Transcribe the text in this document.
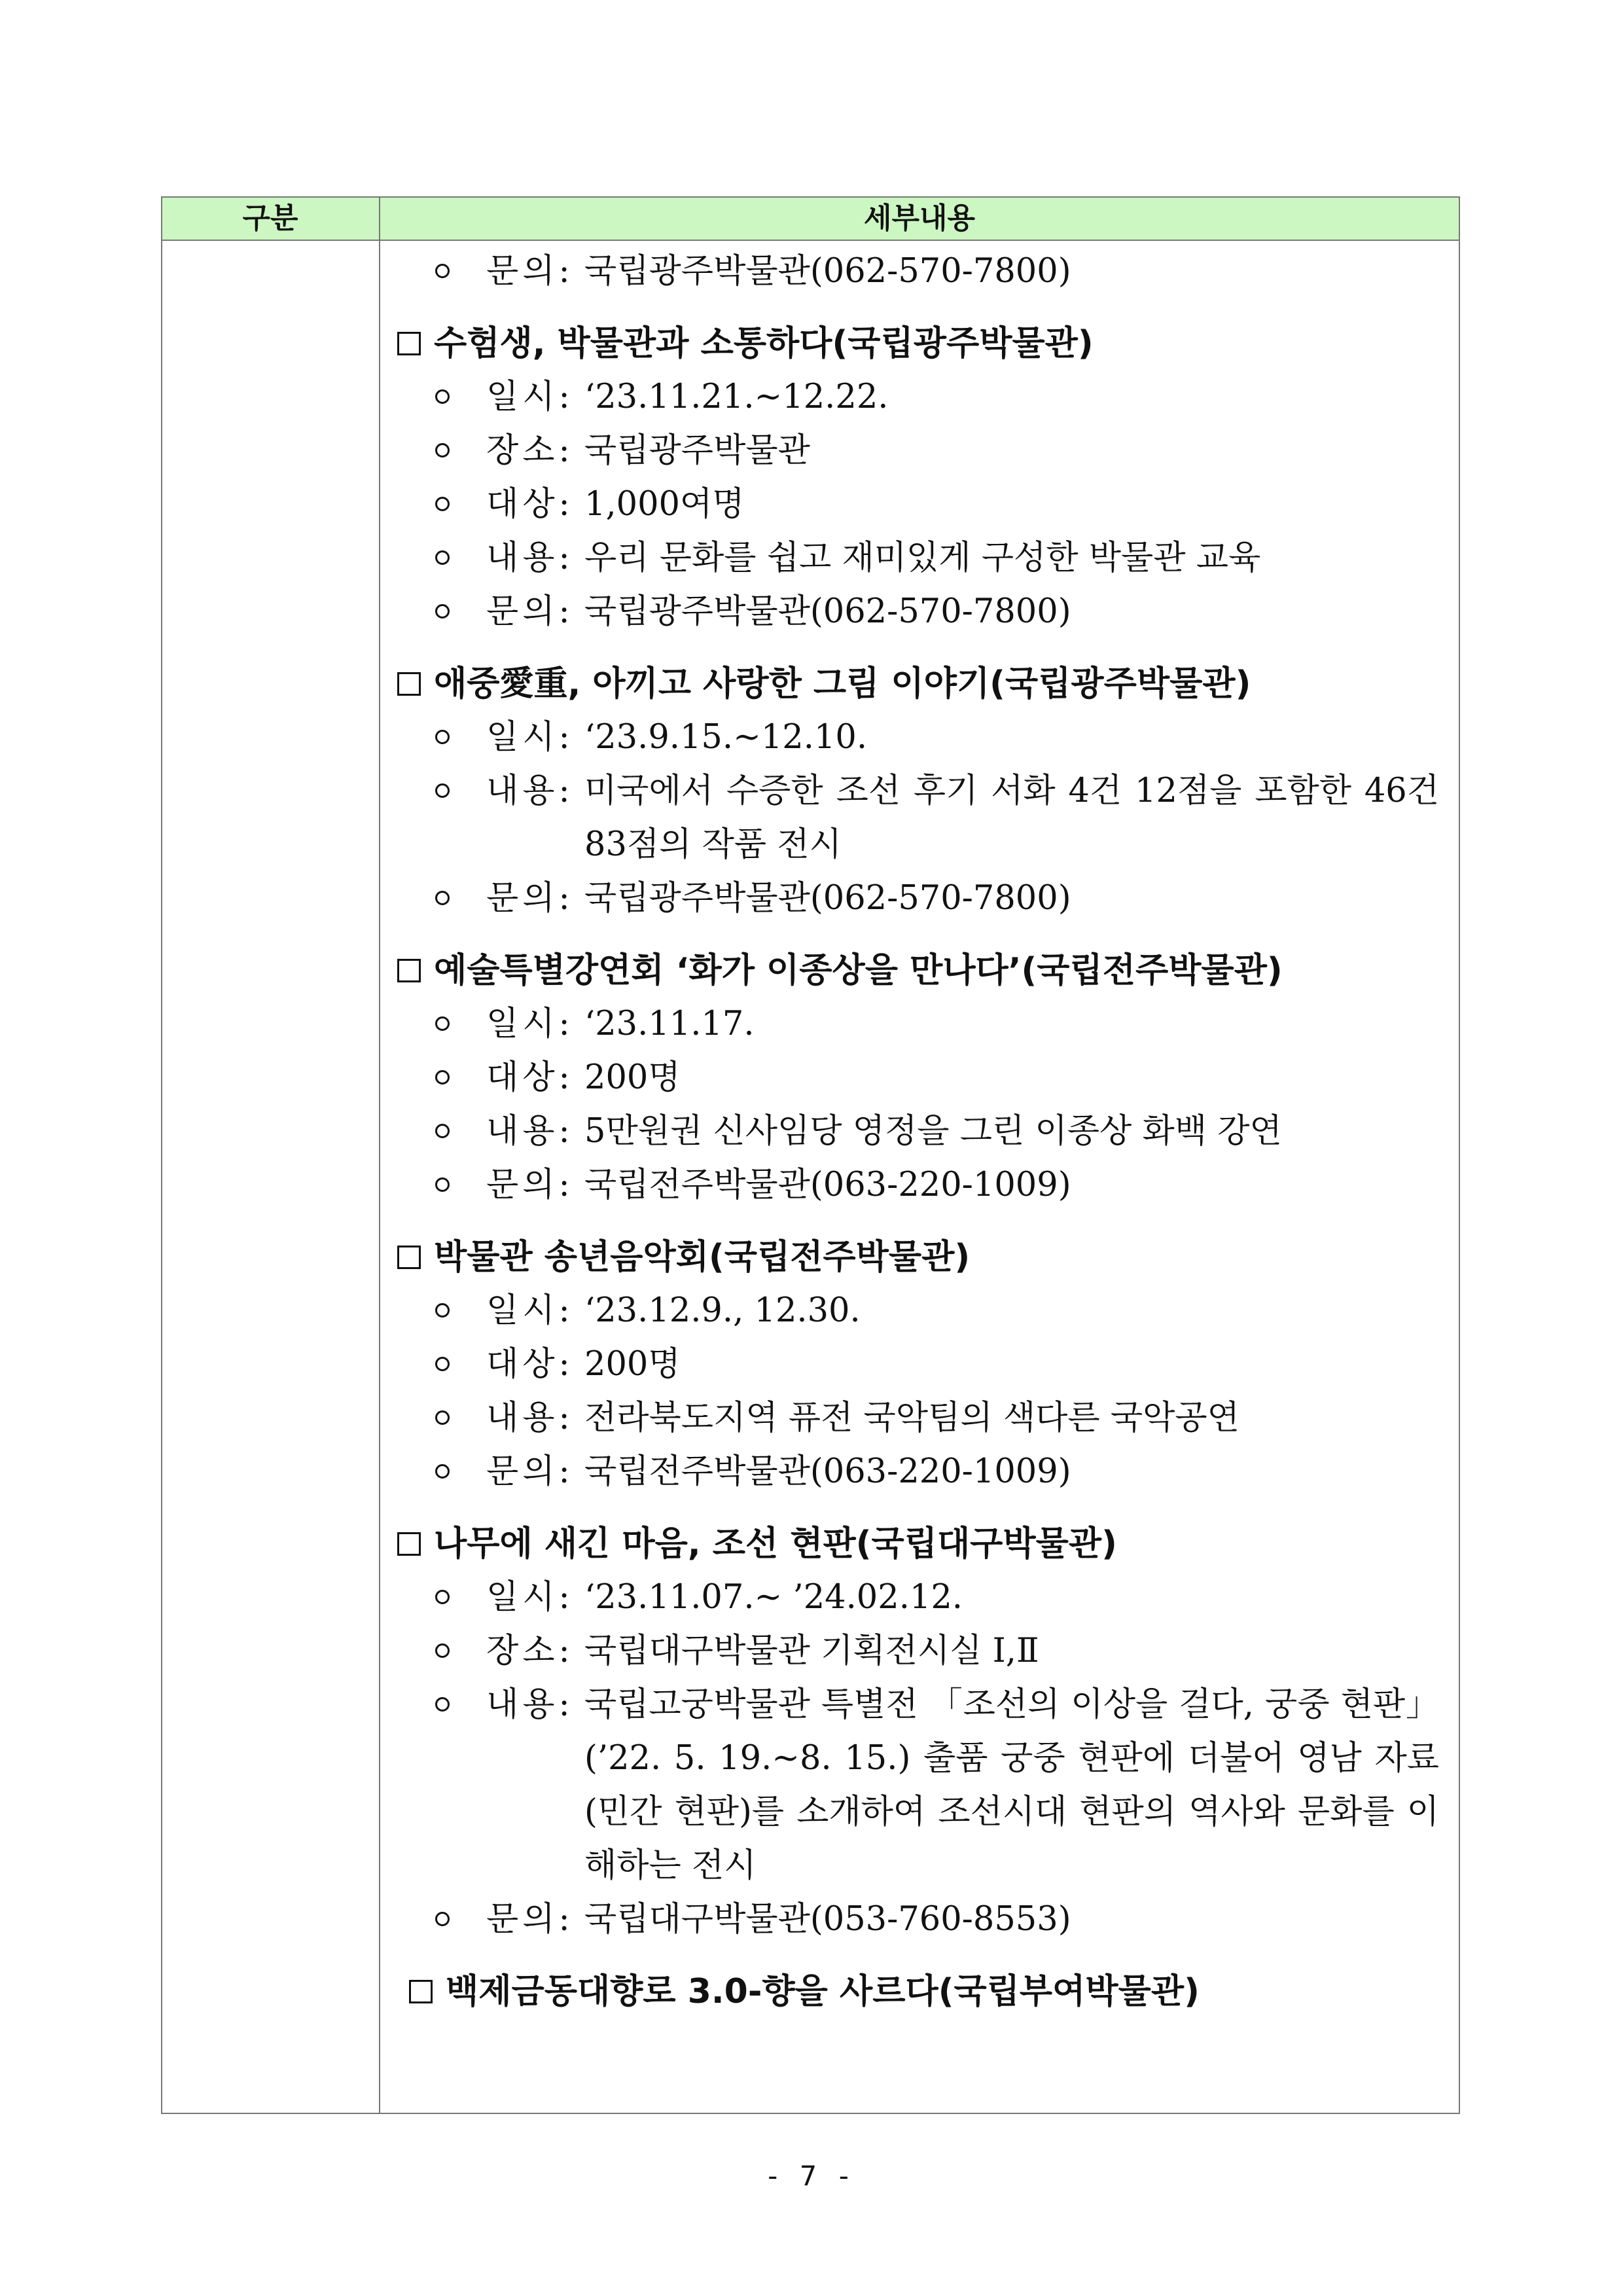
구분	세부내용
문의: 국립광주박물관(062-570-7800)
수험생, 박물관과 소통하다(국립광주박물관)
일시: ‘23.11.21.~12.22.
장소: 국립광주박물관
대상: 1,000여명
내용: 우리 문화를 쉽고 재미있게 구성한 박물관 교육
문의: 국립광주박물관(062-570-7800)
애중愛重, 아끼고 사랑한 그림 이야기(국립광주박물관)
일시: ‘23.9.15.~12.10.
내용: 미국에서 수증한 조선 후기 서화 4건 12점을 포함한 46건 83점의 작품 전시
문의: 국립광주박물관(062-570-7800)
예술특별강연회 ‘화가 이종상을 만나다’(국립전주박물관)
일시: ‘23.11.17.
대상: 200명
내용: 5만원권 신사임당 영정을 그린 이종상 화백 강연
문의: 국립전주박물관(063-220-1009)
박물관 송년음악회(국립전주박물관)
일시: ‘23.12.9., 12.30.
대상: 200명
내용: 전라북도지역 퓨전 국악팀의 색다른 국악공연
문의: 국립전주박물관(063-220-1009)
나무에 새긴 마음, 조선 현판(국립대구박물관)
일시: ‘23.11.07.~ ’24.02.12.
장소: 국립대구박물관 기획전시실 Ⅰ,Ⅱ
내용: 국립고궁박물관 특별전 「조선의 이상을 걸다, 궁중 현판」(’22. 5. 19.~8. 15.) 출품 궁중 현판에 더불어 영남 자료(민간 현판)를 소개하여 조선시대 현판의 역사와 문화를 이해하는 전시
문의: 국립대구박물관(053-760-8553)
백제금동대향로 3.0-향을 사르다(국립부여박물관)
- 7 -
